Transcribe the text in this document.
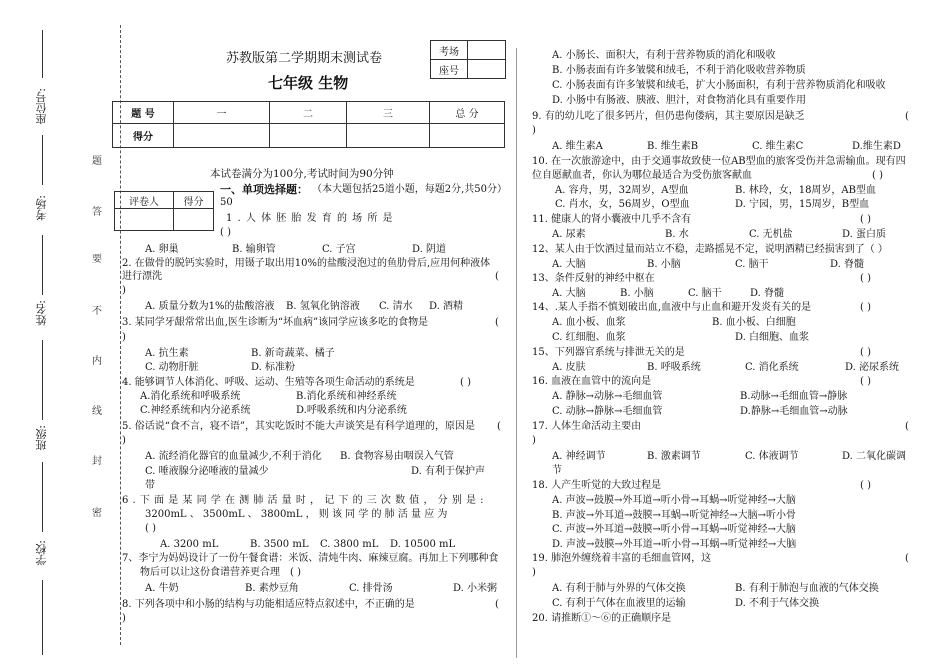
座位号:
考场:
姓名:
班级:
学校:
题
答
要
不
内
线
封
密
苏教版第二学期期末测试卷
七年级 生物
考场	
座号	
题 号	一	二	三	总 分
得分				
本试卷满分为100分,考试时间为90分钟
评卷人	得分

一、单项选择题： （本大题包括25道小题，每题2分,共50分）
50
1 . 人 体 胚 胎 发 育 的 场 所 是
( )
A. 卵巢	B. 输卵管	C. 子宫	D. 阴道
2. 在做骨的脱钙实验时，用镊子取出用10%的盐酸浸泡过的鱼肋骨后,应用何种液体
进行漂洗	(
)
A. 质量分数为1%的盐酸溶液 B. 氢氧化钠溶液 C. 清水 D. 酒精
3. 某同学牙龈常常出血,医生诊断为“坏血病”该同学应该多吃的食物是	(
)
A. 抗生素	B. 新奇蔬菜、橘子
C. 动物肝脏	D. 标准粉
4. 能够调节人体消化、呼吸、运动、生殖等各项生命活动的系统是	( )
A.消化系统和呼吸系统	B.消化系统和神经系统
C.神经系统和内分泌系统	D.呼吸系统和内分泌系统
5. 俗话说“食不言，寝不语”，其实吃饭时不能大声谈笑是有科学道理的，原因是 (
)
A. 流经消化器官的血量减少,不利于消化 B. 食物容易由咽误入气管
C. 唾液腺分泌唾液的量减少	D. 有利于保护声
带
6 . 下 面 是 某 同 学 在 测 肺 活 量 时 ， 记 下 的 三 次 数 值 ， 分 别 是 :
3200mL 、 3500mL 、 3800mL ， 则 该 同 学 的 肺 活 量 应 为
( )
A. 3200 mL	B. 3500 mL C. 3800 mL D. 10500 mL
7、李宁为妈妈设计了一份午餐食谱：米饭、清炖牛肉、麻辣豆腐。再加上下列哪种食
物后可以让这份食谱营养更合理 ( )
A. 牛奶	B. 素炒豆角	C. 排骨汤	D. 小米粥
8. 下列各项中和小肠的结构与功能相适应特点叙述中，不正确的是	(
)
A. 小肠长、面积大，有利于营养物质的消化和吸收
B. 小肠表面有许多皱襞和绒毛，不利于消化吸收营养物质
C. 小肠表面有许多皱襞和绒毛，扩大小肠面积，有利于营养物质消化和吸收
D. 小肠中有肠液、胰液、胆汁，对食物消化具有重要作用
9. 有的幼儿吃了很多钙片，但仍患佝偻病，其主要原因是缺乏	(
)
A. 维生素A	B. 维生素B	C. 维生素C	D.维生素D
10. 在一次旅游途中，由于交通事故致使一位AB型血的旅客受伤并急需输血。现有四
位自愿献血者，你认为哪位最适合为受伤旅客献血	( )
A. 容舟，男，32周岁，A型血	B. 林玲，女，18周岁，AB型血
C. 肖水，女，56周岁，O型血	D. 宁园，男，15周岁，B型血
11. 健康人的肾小囊液中几乎不含有	( )
A. 尿素	B. 水	C. 无机盐	D. 蛋白质
12、某人由于饮酒过量而站立不稳，走路摇晃不定，说明酒精已经损害到了（ ）
A. 大脑	B. 小脑	C. 脑干	D. 脊髓
13、条件反射的神经中枢在	( )
A. 大脑	B. 小脑	C. 脑干	D. 脊髓
14、.某人手指不慎划破出血,血液中与止血和避开发炎有关的是	( )
A. 血小板、血浆	B. 血小板、白细胞
C. 红细胞、血浆	D. 白细胞、血浆
15、下列器官系统与排泄无关的是	( )
A. 皮肤	B. 呼吸系统	C. 消化系统	D. 泌尿系统
16. 血液在血管中的流向是	( )
A. 静脉→动脉→毛细血管	B.动脉→毛细血管→静脉
C. 动脉→静脉→毛细血管	D.静脉→毛细血管→动脉
17. 人体生命活动主要由	(
)
A. 神经调节	B. 激素调节	C. 体液调节	D. 二氧化碳调
节
18. 人产生听觉的大致过程是	( )
A. 声波→鼓膜→外耳道→听小骨→耳蜗→听觉神经→大脑
B. 声波→外耳道→鼓膜→耳蜗→听觉神经→大脑→听小骨
C. 声波→外耳道→鼓膜→听小骨→耳蜗→听觉神经→大脑
D. 声波→鼓膜→外耳道→听小骨→耳蜗→听觉神经→大脑
19. 肺泡外缠绕着丰富的毛细血管网，这	(
)
A. 有利于肺与外界的气体交换	B. 有利于肺泡与血液的气体交换
C. 有利于气体在血液里的运输	D. 不利于气体交换
20. 请推断①～⑥的正确顺序是
